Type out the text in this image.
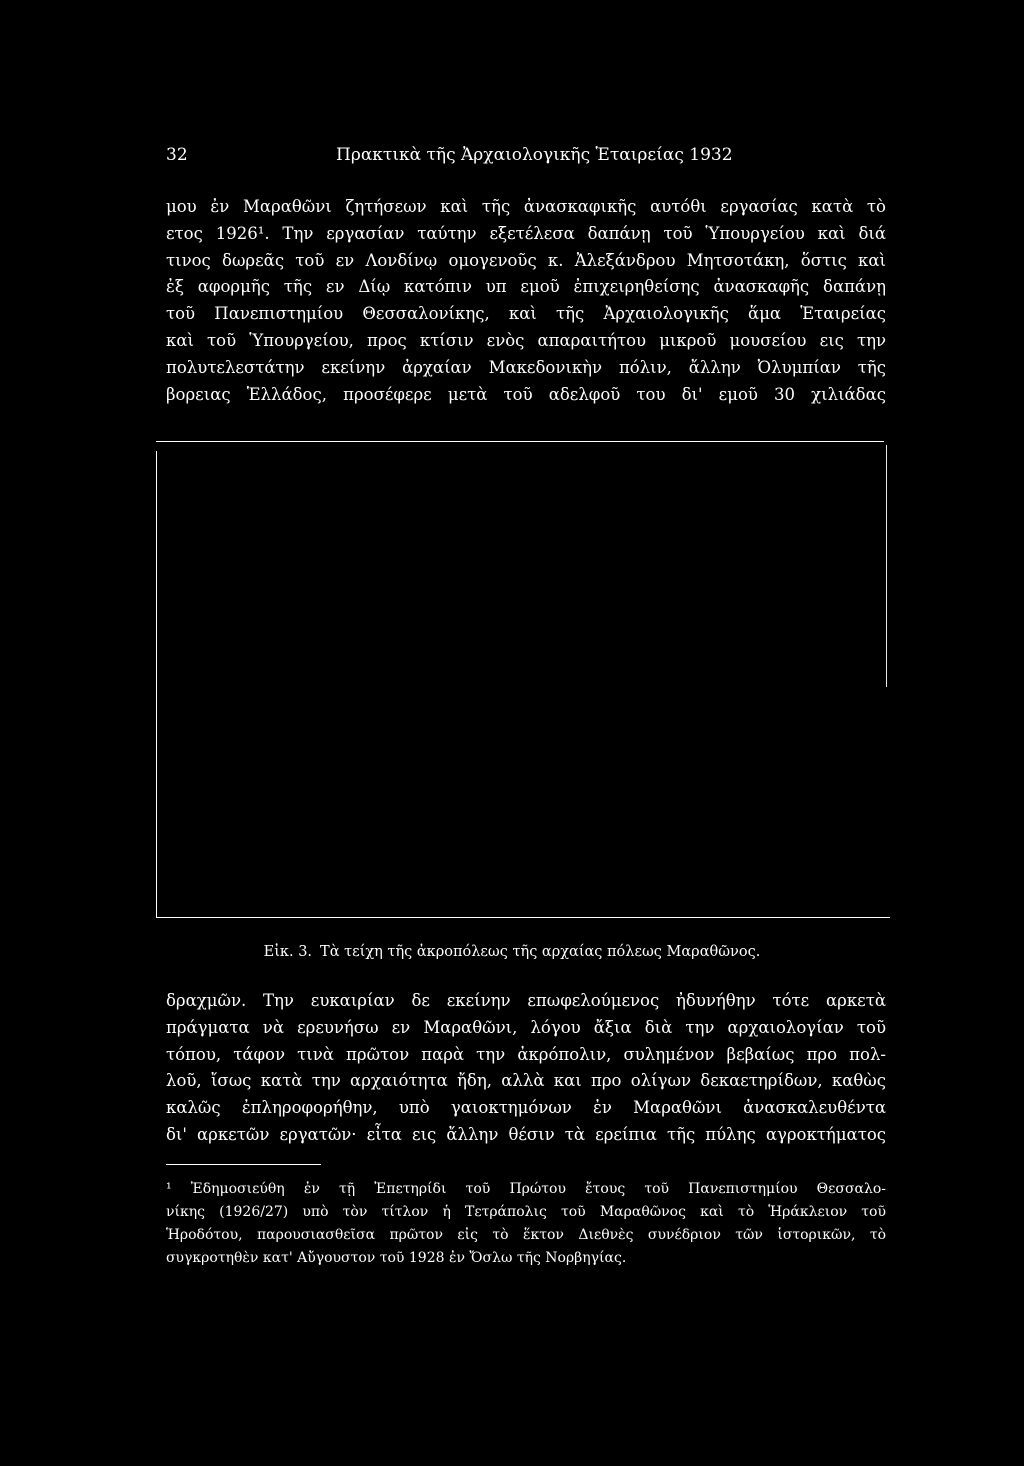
32	Πρακτικὰ τῆς Ἀρχαιολογικῆς Ἑταιρείας 1932
μου ἐν Μαραθῶνι ζητήσεων καὶ τῆς ἀνασκαφικῆς αυτόθι εργασίας κατὰ τὸ
ετος 1926¹. Την εργασίαν ταύτην εξετέλεσα δαπάνῃ τοῦ Ὑπουργείου καὶ διά
τινος δωρεᾶς τοῦ εν Λονδίνῳ ομογενοῦς κ. Ἀλεξάνδρου Μητσοτάκη, ὅστις καὶ
ἐξ αφορμῆς τῆς εν Δίῳ κατόπιν υπ εμοῦ ἐπιχειρηθείσης ἀνασκαφῆς δαπάνῃ
τοῦ Πανεπιστημίου Θεσσαλονίκης, καὶ τῆς Ἀρχαιολογικῆς ἅμα Ἑταιρείας
καὶ τοῦ Ὑπουργείου, προς κτίσιν ενὸς απαραιτήτου μικροῦ μουσείου εις την
πολυτελεστάτην εκείνην ἀρχαίαν Μακεδονικὴν πόλιν, ἄλλην Ὀλυμπίαν τῆς
βορειας Ἑλλάδος, προσέφερε μετὰ τοῦ αδελφοῦ του δι' εμοῦ 30 χιλιάδας
Εἰκ. 3. Τὰ τείχη τῆς ἀκροπόλεως τῆς αρχαίας πόλεως Μαραθῶνος.
δραχμῶν. Την ευκαιρίαν δε εκείνην επωφελούμενος ἠδυνήθην τότε αρκετὰ
πράγματα νὰ ερευνήσω εν Μαραθῶνι, λόγου ἄξια διὰ την αρχαιολογίαν τοῦ
τόπου, τάφον τινὰ πρῶτον παρὰ την ἀκρόπολιν, συλημένον βεβαίως προ πολ-
λοῦ, ἴσως κατὰ την αρχαιότητα ἤδη, αλλὰ και προ ολίγων δεκαετηρίδων, καθὼς
καλῶς ἐπληροφορήθην, υπὸ γαιοκτημόνων ἐν Μαραθῶνι ἀνασκαλευθέντα
δι' αρκετῶν εργατῶν· εἶτα εις ἄλλην θέσιν τὰ ερείπια τῆς πύλης αγροκτήματος
¹ Ἐδημοσιεύθη ἐν τῇ Ἐπετηρίδι τοῦ Πρώτου ἔτους τοῦ Πανεπιστημίου Θεσσαλο-
νίκης (1926/27) υπὸ τὸν τίτλον ἡ Τετράπολις τοῦ Μαραθῶνος καὶ τὸ Ἡράκλειον τοῦ
Ἡροδότου, παρουσιασθεῖσα πρῶτον εἰς τὸ ἕκτον Διεθνὲς συνέδριον τῶν ἱστορικῶν, τὸ
συγκροτηθὲν κατ' Αὔγουστον τοῦ 1928 ἐν Ὄσλω τῆς Νορβηγίας.
